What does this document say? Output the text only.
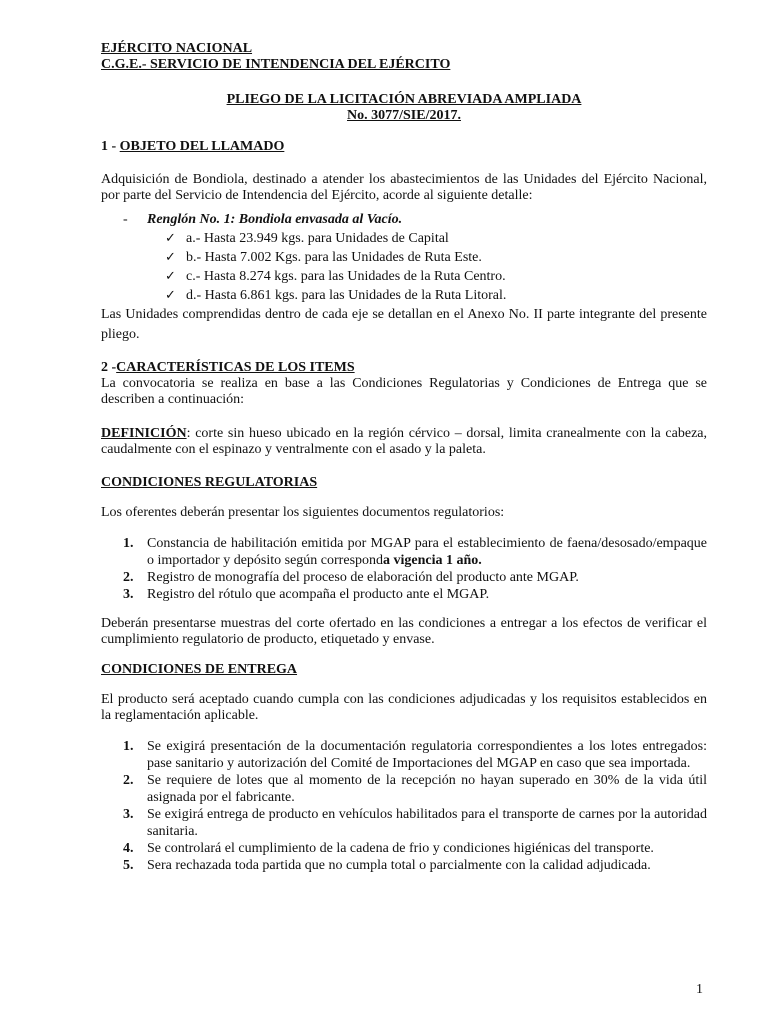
EJÉRCITO NACIONAL
C.G.E.- SERVICIO DE INTENDENCIA DEL EJÉRCITO
PLIEGO DE LA LICITACIÓN ABREVIADA AMPLIADA
No. 3077/SIE/2017.
1 - OBJETO DEL LLAMADO
Adquisición de Bondiola, destinado a atender los abastecimientos de las Unidades del Ejército Nacional, por parte del Servicio de Intendencia del Ejército, acorde al siguiente detalle:
-	Renglón No. 1: Bondiola envasada al Vacío.
✓ a.- Hasta 23.949 kgs. para Unidades de Capital
✓ b.- Hasta 7.002 Kgs. para las Unidades de Ruta Este.
✓ c.- Hasta 8.274 kgs. para las Unidades de la Ruta Centro.
✓ d.- Hasta 6.861 kgs. para las Unidades de la Ruta Litoral.
Las Unidades comprendidas dentro de cada eje se detallan en el Anexo No. II parte integrante del presente pliego.
2 -CARACTERÍSTICAS DE LOS ITEMS
La convocatoria se realiza en base a las Condiciones Regulatorias y Condiciones de Entrega que se describen a continuación:
DEFINICIÓN: corte sin hueso ubicado en la región cérvico – dorsal, limita cranealmente con la cabeza, caudalmente con el espinazo y ventralmente con el asado y la paleta.
CONDICIONES REGULATORIAS
Los oferentes deberán presentar los siguientes documentos regulatorios:
1. Constancia de habilitación emitida por MGAP para el establecimiento de faena/desosado/empaque o importador y depósito según corresponda vigencia 1 año.
2. Registro de monografía del proceso de elaboración del producto ante MGAP.
3. Registro del rótulo que acompaña el producto ante el MGAP.
Deberán presentarse muestras del corte ofertado en las condiciones a entregar a los efectos de verificar el cumplimiento regulatorio de producto, etiquetado y envase.
CONDICIONES DE ENTREGA
El producto será aceptado cuando cumpla con las condiciones adjudicadas y los requisitos establecidos en la reglamentación aplicable.
1. Se exigirá presentación de la documentación regulatoria correspondientes a los lotes entregados: pase sanitario y autorización del Comité de Importaciones del MGAP en caso que sea importada.
2. Se requiere de lotes que al momento de la recepción no hayan superado en 30% de la vida útil asignada por el fabricante.
3. Se exigirá entrega de producto en vehículos habilitados para el transporte de carnes por la autoridad sanitaria.
4. Se controlará el cumplimiento de la cadena de frio y condiciones higiénicas del transporte.
5. Sera rechazada toda partida que no cumpla total o parcialmente con la calidad adjudicada.
1
